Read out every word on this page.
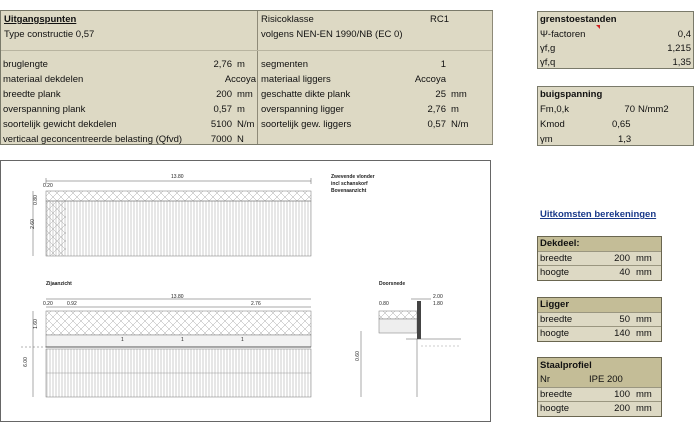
Uitgangspunten
Type constructie 0,57
Risicoklasse	RC1
volgens NEN-EN 1990/NB (EC 0)
bruglengte	2,76 m
materiaal dekdelen	Accoya
breedte plank	200 mm
overspanning plank	0,57 m
soortelijk gewicht dekdelen	5100 N/m
verticaal geconcentreerde belasting (Qfvd)	7000 N
segmenten	1
materiaal liggers	Accoya
geschatte dikte plank	25 mm
overspanning ligger	2,76 m
soortelijk gew. liggers	0,57 N/m
grenstoestanden
Ψ-factoren	0,4
γf,g	1,215
γf,q	1,35
buigspanning
Fm,0,k	70 N/mm2
Kmod	0,65
γm	1,3
Uitkomsten berekeningen
Dekdeel:
breedte	200 mm
hoogte	40 mm
Ligger
breedte	50 mm
hoogte	140 mm
Staalprofiel
Nr	IPE 200
breedte	100 mm
hoogte	200 mm
Zwevende vlonder
incl schanskorf
Bovenaanzicht
13.80
0.20
0.80
2.60
Zijaanzicht
13.80
0.20	0.92	2.76
1.60
6.00
1	1	1
Doorsnede
2.00
0.80	1.80
0.60
